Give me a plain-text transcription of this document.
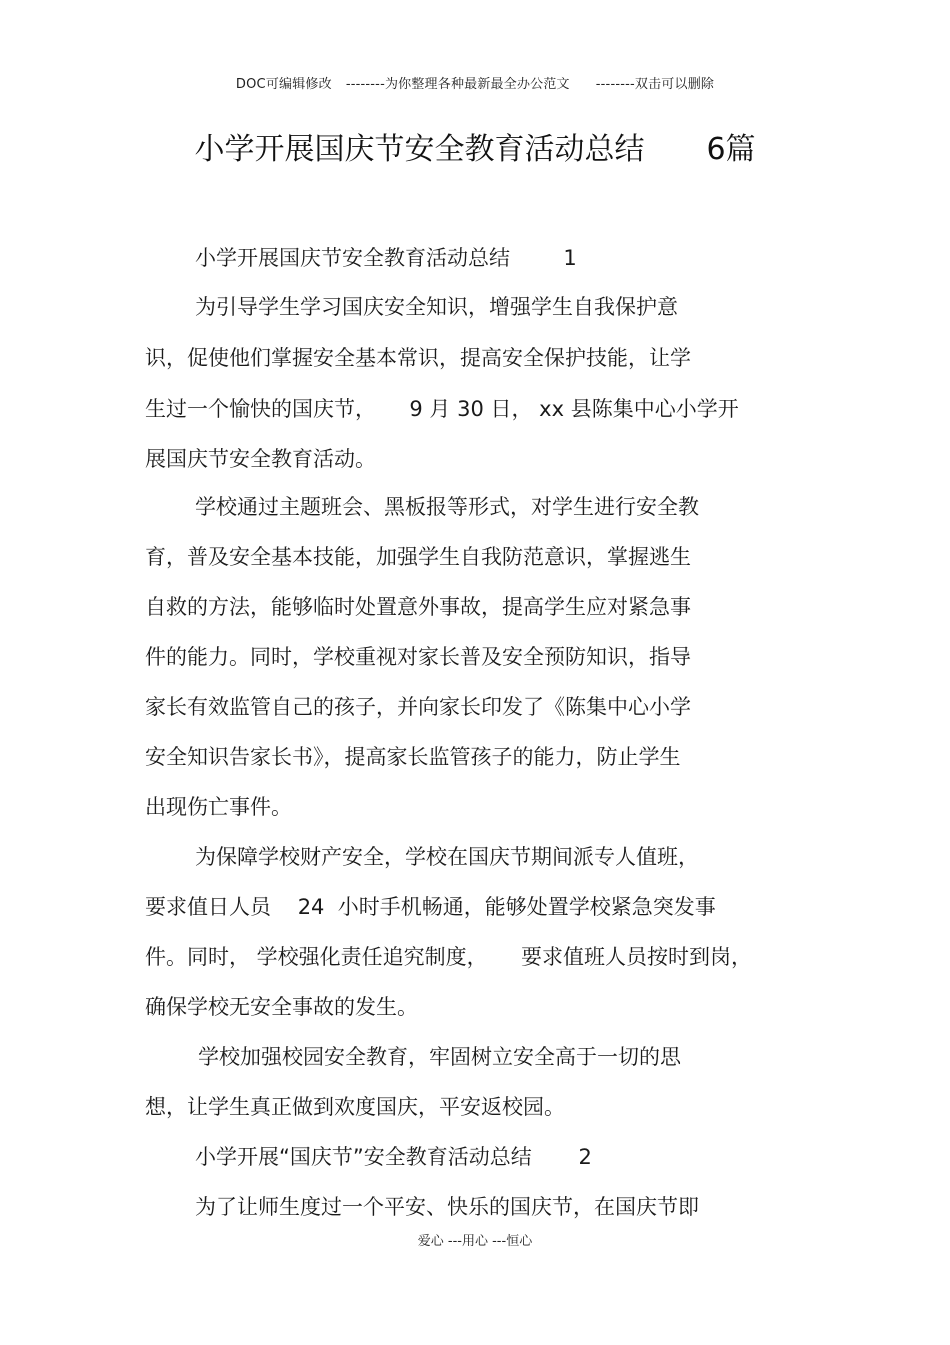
DOC可编辑修改 --------为你整理各种最新最全办公范文 --------双击可以删除
小学开展国庆节安全教育活动总结 6篇
小学开展国庆节安全教育活动总结        1
为引导学生学习国庆安全知识，增强学生自我保护意
识，促使他们掌握安全基本常识，提高安全保护技能，让学
生过一个愉快的国庆节，     9 月 30 日， xx 县陈集中心小学开
展国庆节安全教育活动。
学校通过主题班会、黑板报等形式，对学生进行安全教
育，普及安全基本技能，加强学生自我防范意识，掌握逃生
自救的方法，能够临时处置意外事故，提高学生应对紧急事
件的能力。同时，学校重视对家长普及安全预防知识，指导
家长有效监管自己的孩子，并向家长印发了《陈集中心小学
安全知识告家长书》，提高家长监管孩子的能力，防止学生
出现伤亡事件。
为保障学校财产安全，学校在国庆节期间派专人值班，
要求值日人员    24  小时手机畅通，能够处置学校紧急突发事
件。同时， 学校强化责任追究制度，     要求值班人员按时到岗，
确保学校无安全事故的发生。
学校加强校园安全教育，牢固树立安全高于一切的思
想，让学生真正做到欢度国庆，平安返校园。
小学开展“国庆节”安全教育活动总结       2
为了让师生度过一个平安、快乐的国庆节，在国庆节即
爱心 ---用心 ---恒心
